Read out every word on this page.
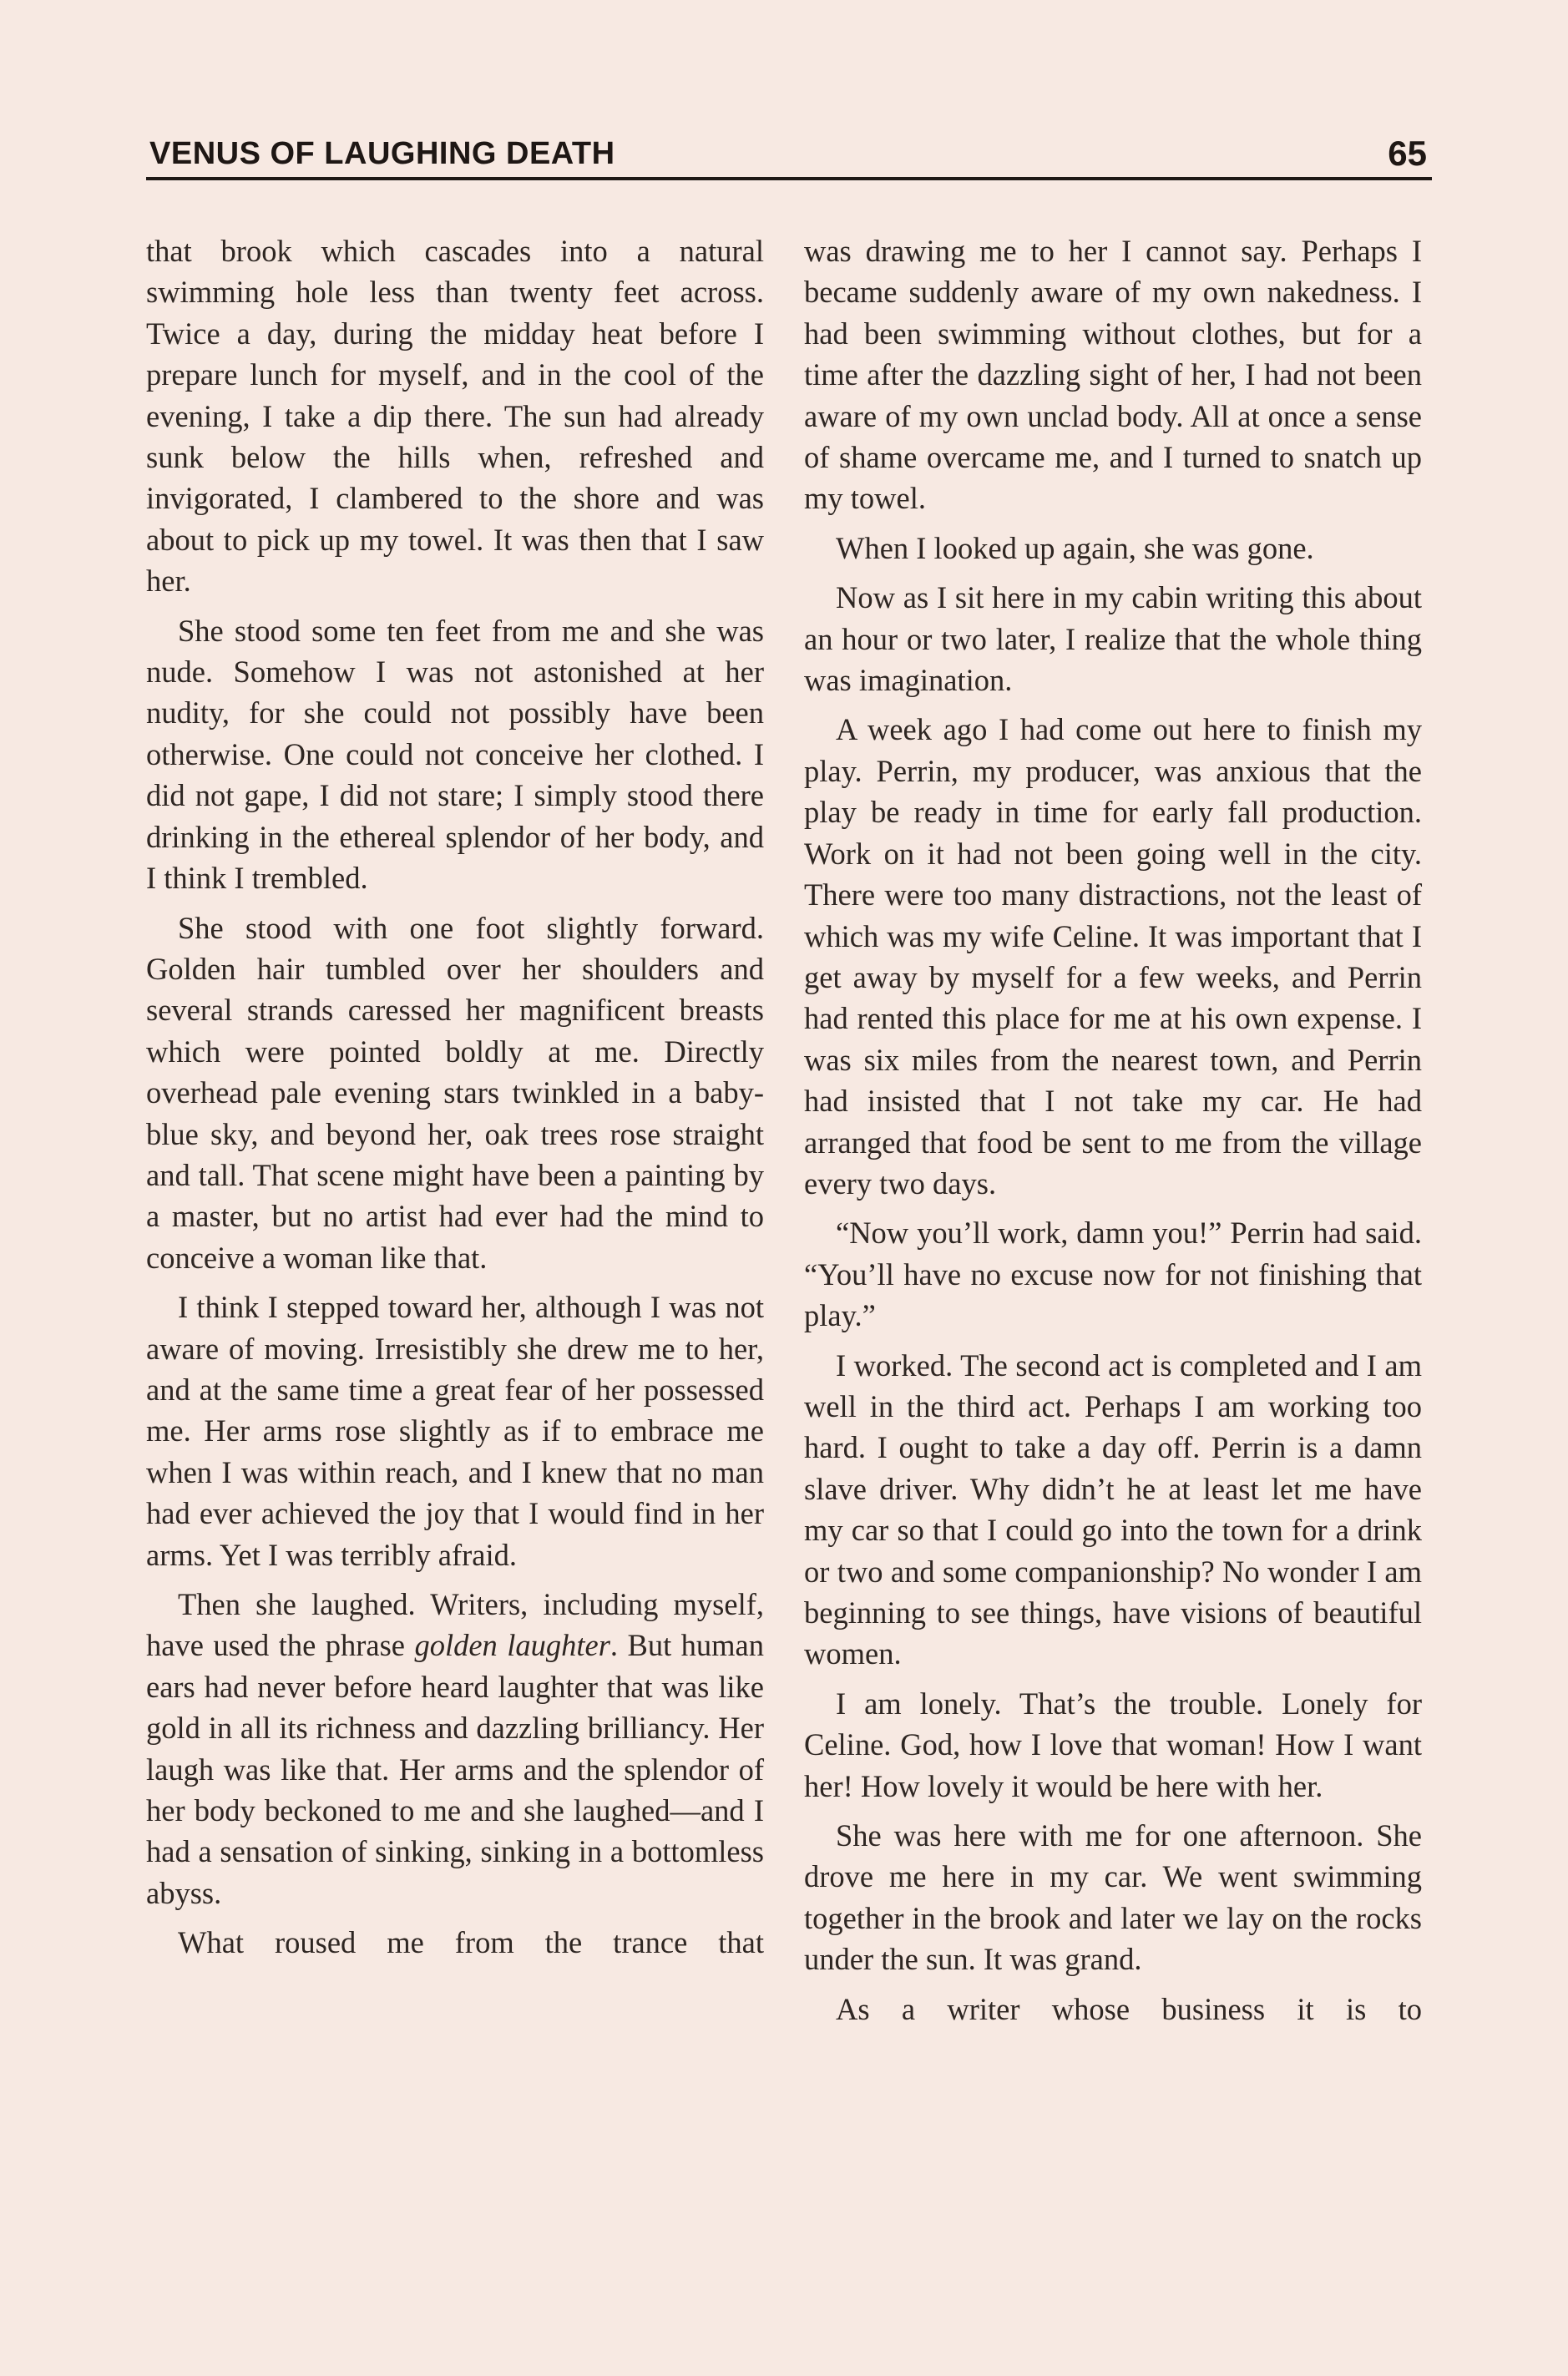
VENUS OF LAUGHING DEATH	65

that brook which cascades into a natural swimming hole less than twenty feet across. Twice a day, during the midday heat before I prepare lunch for myself, and in the cool of the evening, I take a dip there. The sun had already sunk below the hills when, refreshed and invigorated, I clambered to the shore and was about to pick up my towel. It was then that I saw her.

She stood some ten feet from me and she was nude. Somehow I was not astonished at her nudity, for she could not possibly have been otherwise. One could not conceive her clothed. I did not gape, I did not stare; I simply stood there drinking in the ethereal splendor of her body, and I think I trembled.

She stood with one foot slightly forward. Golden hair tumbled over her shoulders and several strands caressed her magnificent breasts which were pointed boldly at me. Directly overhead pale evening stars twinkled in a baby-blue sky, and beyond her, oak trees rose straight and tall. That scene might have been a painting by a master, but no artist had ever had the mind to conceive a woman like that.

I think I stepped toward her, although I was not aware of moving. Irresistibly she drew me to her, and at the same time a great fear of her possessed me. Her arms rose slightly as if to embrace me when I was within reach, and I knew that no man had ever achieved the joy that I would find in her arms. Yet I was terribly afraid.

Then she laughed. Writers, including myself, have used the phrase golden laughter. But human ears had never before heard laughter that was like gold in all its richness and dazzling brilliancy. Her laugh was like that. Her arms and the splendor of her body beckoned to me and she laughed—and I had a sensation of sinking, sinking in a bottomless abyss.

What roused me from the trance that

was drawing me to her I cannot say. Perhaps I became suddenly aware of my own nakedness. I had been swimming without clothes, but for a time after the dazzling sight of her, I had not been aware of my own unclad body. All at once a sense of shame overcame me, and I turned to snatch up my towel.

When I looked up again, she was gone.

Now as I sit here in my cabin writing this about an hour or two later, I realize that the whole thing was imagination.

A week ago I had come out here to finish my play. Perrin, my producer, was anxious that the play be ready in time for early fall production. Work on it had not been going well in the city. There were too many distractions, not the least of which was my wife Celine. It was important that I get away by myself for a few weeks, and Perrin had rented this place for me at his own expense. I was six miles from the nearest town, and Perrin had insisted that I not take my car. He had arranged that food be sent to me from the village every two days.

“Now you’ll work, damn you!” Perrin had said. “You’ll have no excuse now for not finishing that play.”

I worked. The second act is completed and I am well in the third act. Perhaps I am working too hard. I ought to take a day off. Perrin is a damn slave driver. Why didn’t he at least let me have my car so that I could go into the town for a drink or two and some companionship? No wonder I am beginning to see things, have visions of beautiful women.

I am lonely. That’s the trouble. Lonely for Celine. God, how I love that woman! How I want her! How lovely it would be here with her.

She was here with me for one afternoon. She drove me here in my car. We went swimming together in the brook and later we lay on the rocks under the sun. It was grand.

As a writer whose business it is to
